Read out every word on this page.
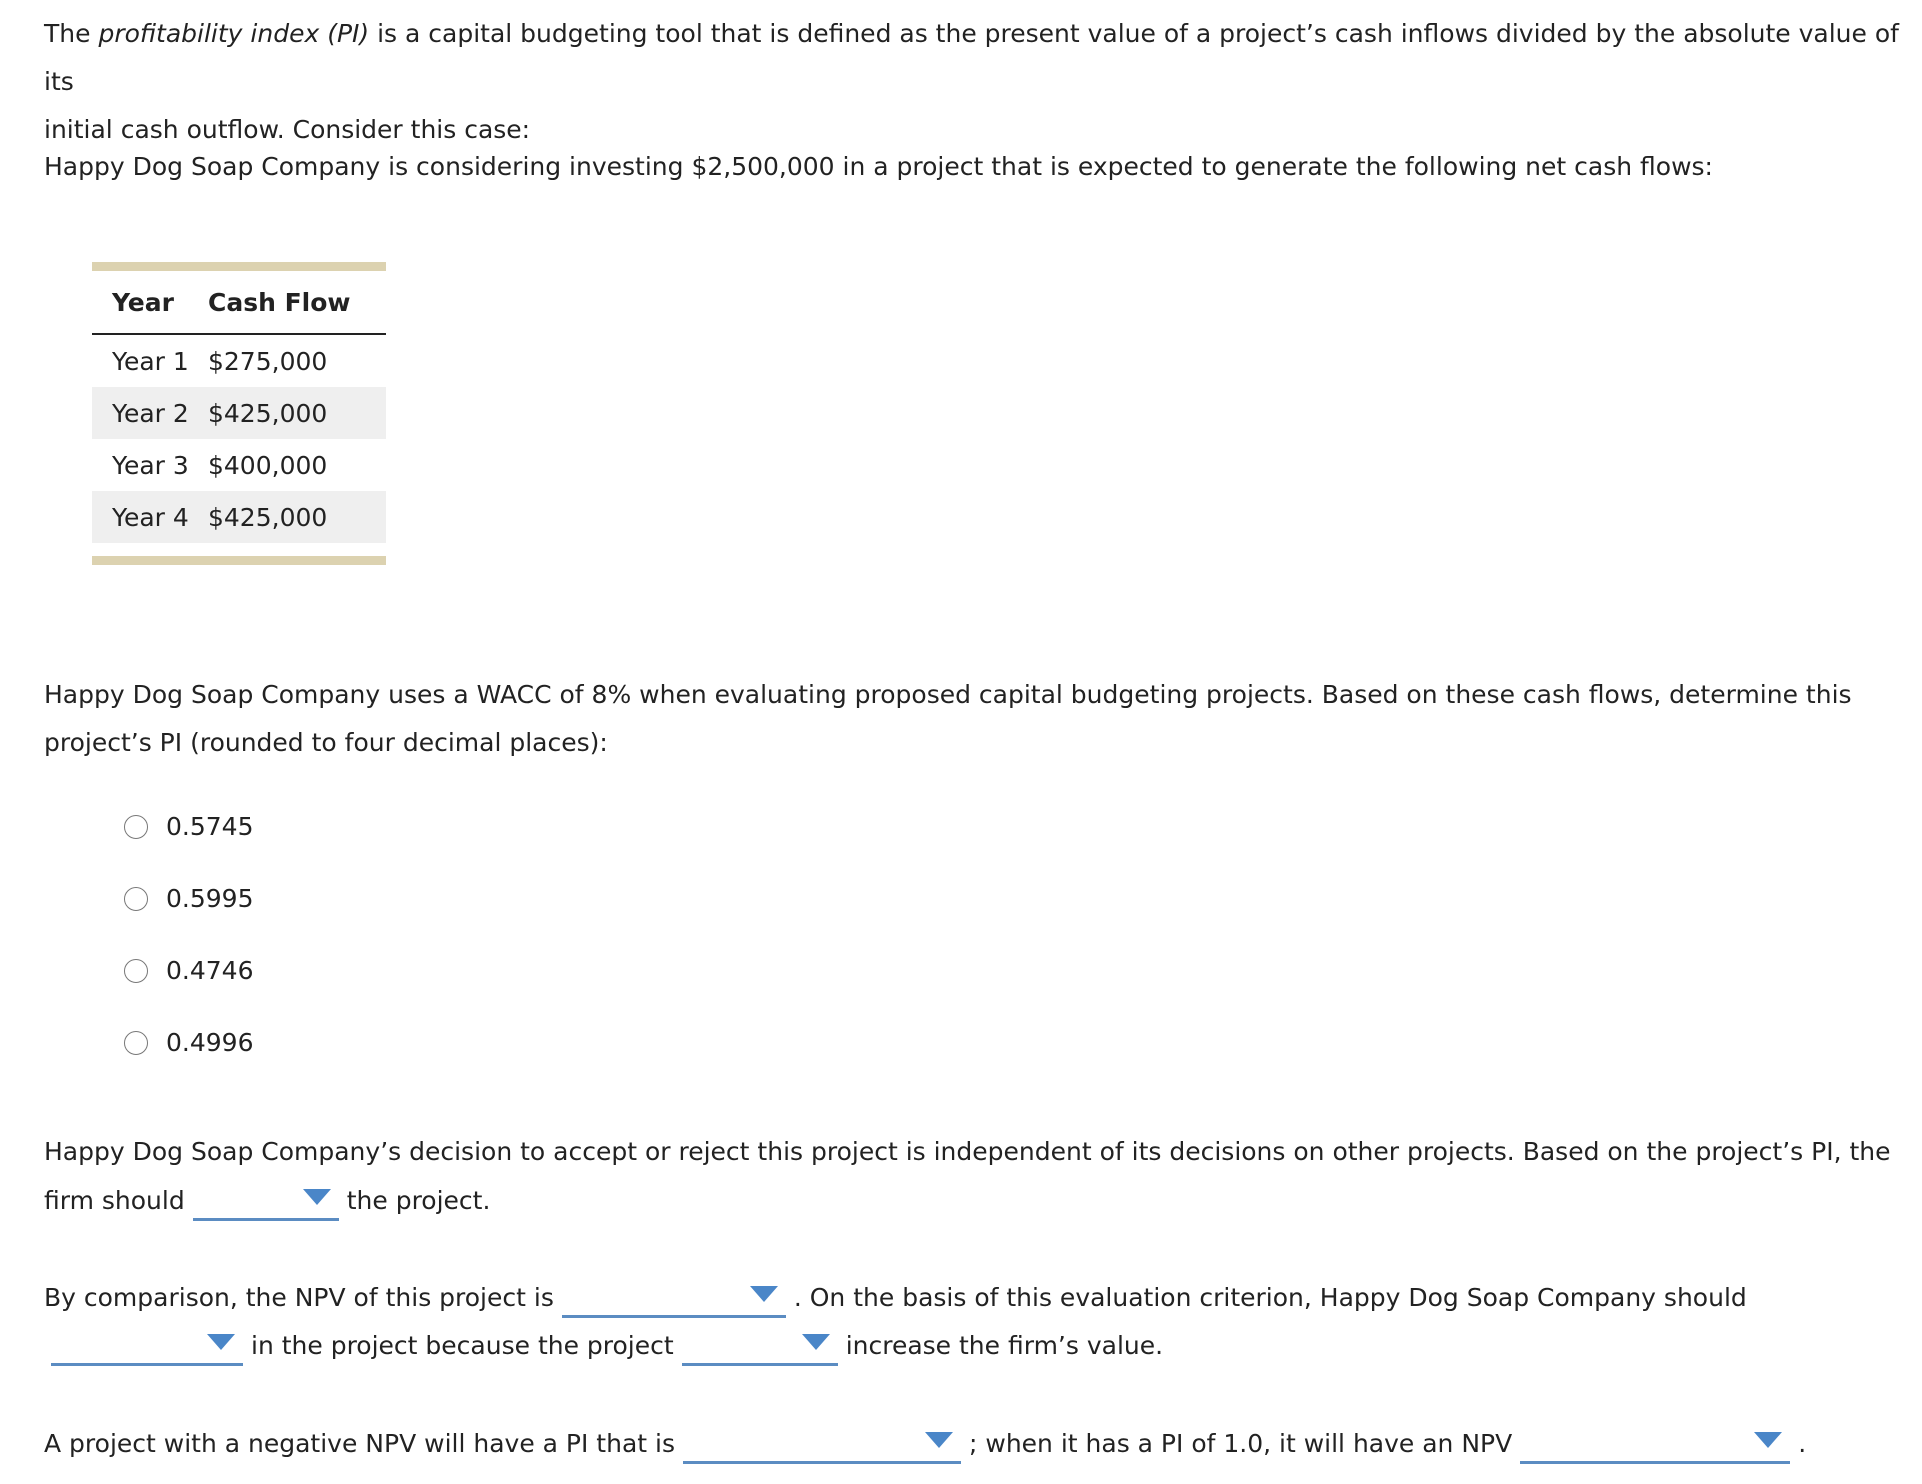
The profitability index (PI) is a capital budgeting tool that is defined as the present value of a project’s cash inflows divided by the absolute value of its
initial cash outflow. Consider this case:

Happy Dog Soap Company is considering investing $2,500,000 in a project that is expected to generate the following net cash flows:

Year	Cash Flow
Year 1 $275,000
Year 2 $425,000
Year 3 $400,000
Year 4 $425,000

Happy Dog Soap Company uses a WACC of 8% when evaluating proposed capital budgeting projects. Based on these cash flows, determine this
project’s PI (rounded to four decimal places):

0.5745
0.5995
0.4746
0.4996

Happy Dog Soap Company’s decision to accept or reject this project is independent of its decisions on other projects. Based on the project’s PI, the

firm should	the project.
By comparison, the NPV of this project is	. On the basis of this evaluation criterion, Happy Dog Soap Company should
in the project because the project	increase the firm’s value.
A project with a negative NPV will have a PI that is	; when it has a PI of 1.0, it will have an NPV	.
